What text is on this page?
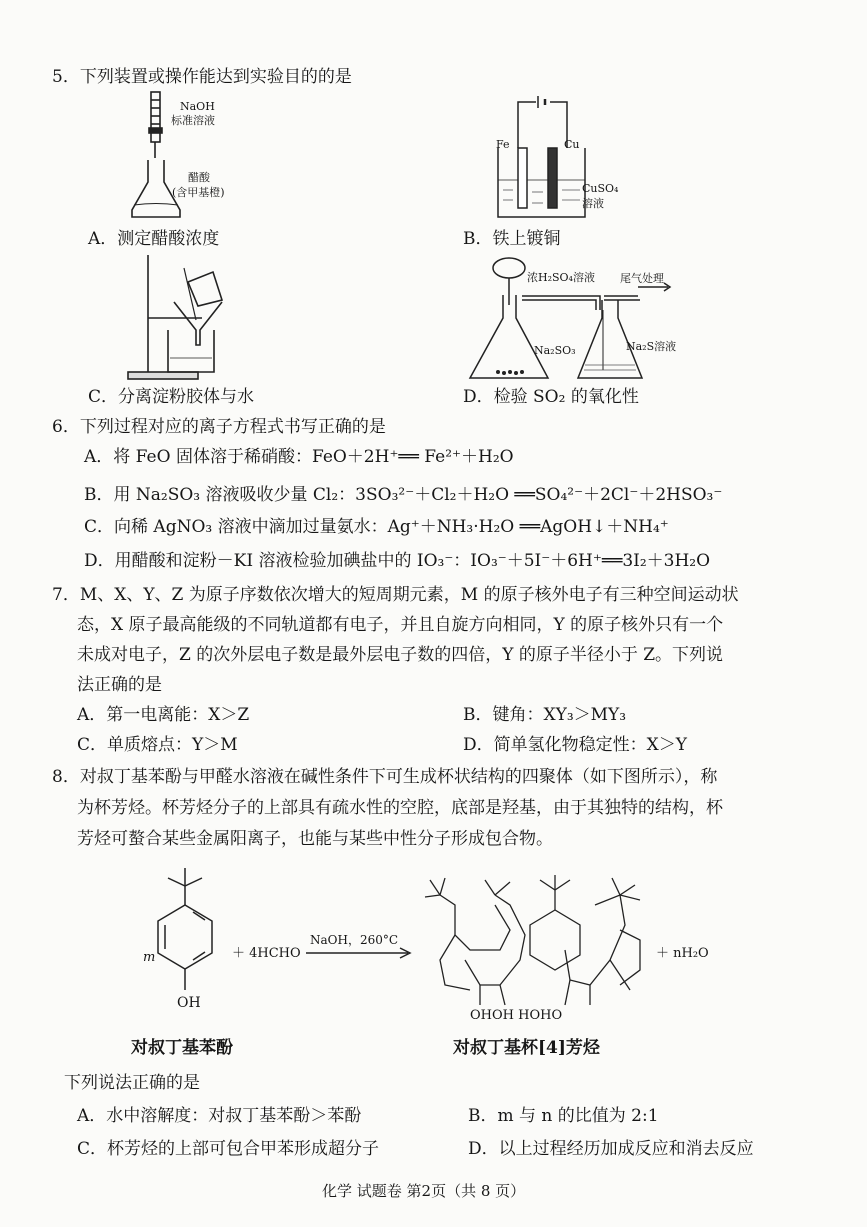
5．下列装置或操作能达到实验目的的是
NaOH
标准溶液
醋酸
(含甲基橙)
A．测定醋酸浓度
Fe	Cu
CuSO₄
溶液
B．铁上镀铜
C．分离淀粉胶体与水
浓H₂SO₄溶液 尾气处理
Na₂SO₃	Na₂S溶液
D．检验 SO₂ 的氧化性
6．下列过程对应的离子方程式书写正确的是
A．将 FeO 固体溶于稀硝酸：FeO＋2H⁺══ Fe²⁺＋H₂O
B．用 Na₂SO₃ 溶液吸收少量 Cl₂：3SO₃²⁻＋Cl₂＋H₂O ══SO₄²⁻＋2Cl⁻＋2HSO₃⁻
C．向稀 AgNO₃ 溶液中滴加过量氨水：Ag⁺＋NH₃·H₂O ══AgOH↓＋NH₄⁺
D．用醋酸和淀粉－KI 溶液检验加碘盐中的 IO₃⁻：IO₃⁻＋5I⁻＋6H⁺══3I₂＋3H₂O
7．M、X、Y、Z 为原子序数依次增大的短周期元素，M 的原子核外电子有三种空间运动状
态，X 原子最高能级的不同轨道都有电子，并且自旋方向相同，Y 的原子核外只有一个
未成对电子，Z 的次外层电子数是最外层电子数的四倍，Y 的原子半径小于 Z。下列说
法正确的是
A．第一电离能：X＞Z	B．键角：XY₃＞MY₃
C．单质熔点：Y＞M	D．简单氢化物稳定性：X＞Y
8．对叔丁基苯酚与甲醛水溶液在碱性条件下可生成杯状结构的四聚体（如下图所示），称
为杯芳烃。杯芳烃分子的上部具有疏水性的空腔，底部是羟基，由于其独特的结构，杯
芳烃可螯合某些金属阳离子，也能与某些中性分子形成包合物。
m
OH
＋ 4HCHO
NaOH，260°C
OHOH HOHO
＋ nH₂O
对叔丁基苯酚	对叔丁基杯[4]芳烃
下列说法正确的是
A．水中溶解度：对叔丁基苯酚＞苯酚	B．m 与 n 的比值为 2:1
C．杯芳烃的上部可包合甲苯形成超分子	D．以上过程经历加成反应和消去反应
化学 试题卷 第2页（共 8 页）
